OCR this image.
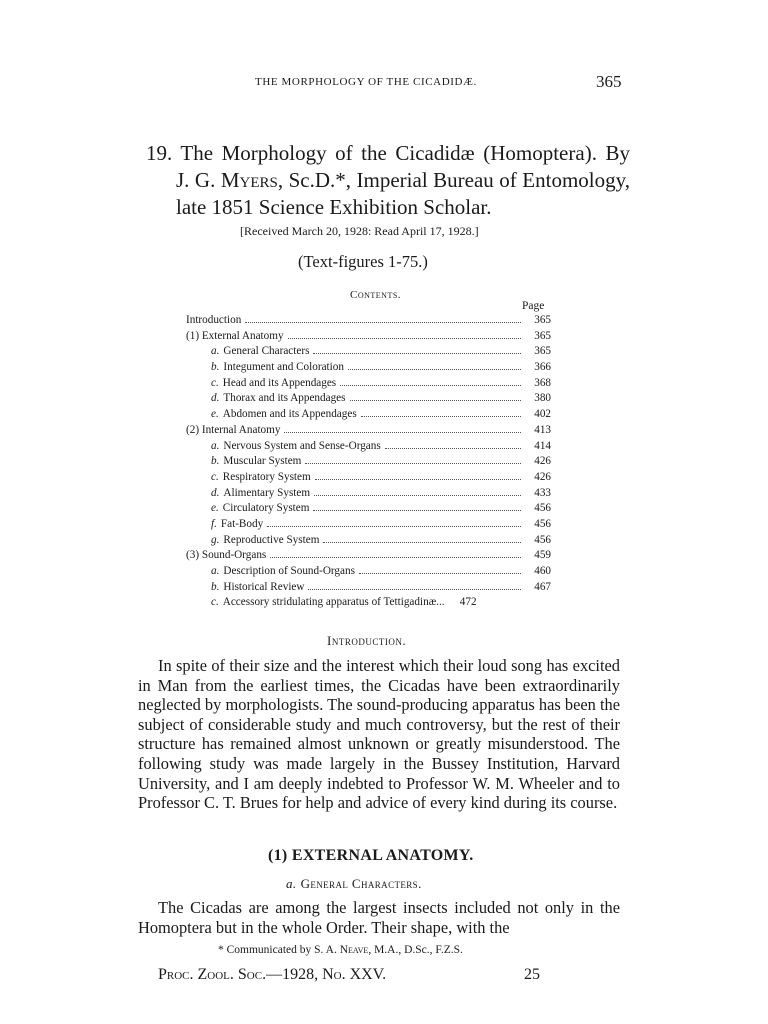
THE MORPHOLOGY OF THE CICADIDÆ.	365
19. The Morphology of the Cicadidæ (Homoptera). By
J. G. Myers, Sc.D.*, Imperial Bureau of Entomology,
late 1851 Science Exhibition Scholar.
[Received March 20, 1928: Read April 17, 1928.]
(Text-figures 1-75.)
Contents.
Page
Introduction	365
(1) External Anatomy	365
a. General Characters	365
b. Integument and Coloration	366
c. Head and its Appendages	368
d. Thorax and its Appendages	380
e. Abdomen and its Appendages	402
(2) Internal Anatomy	413
a. Nervous System and Sense-Organs	414
b. Muscular System	426
c. Respiratory System	426
d. Alimentary System	433
e. Circulatory System	456
f. Fat-Body	456
g. Reproductive System	456
(3) Sound-Organs	459
a. Description of Sound-Organs	460
b. Historical Review	467
c. Accessory stridulating apparatus of Tettigadinæ...	472
Introduction.

In spite of their size and the interest which their loud song has excited in Man from the earliest times, the Cicadas have been extraordinarily neglected by morphologists. The sound-producing apparatus has been the subject of considerable study and much controversy, but the rest of their structure has remained almost unknown or greatly misunderstood. The following study was made largely in the Bussey Institution, Harvard University, and I am deeply indebted to Professor W. M. Wheeler and to Professor C. T. Brues for help and advice of every kind during its course.

(1) EXTERNAL ANATOMY.
a. General Characters.

The Cicadas are among the largest insects included not only in the Homoptera but in the whole Order. Their shape, with the

* Communicated by S. A. Neave, M.A., D.Sc., F.Z.S.
Proc. Zool. Soc.—1928, No. XXV.	25
